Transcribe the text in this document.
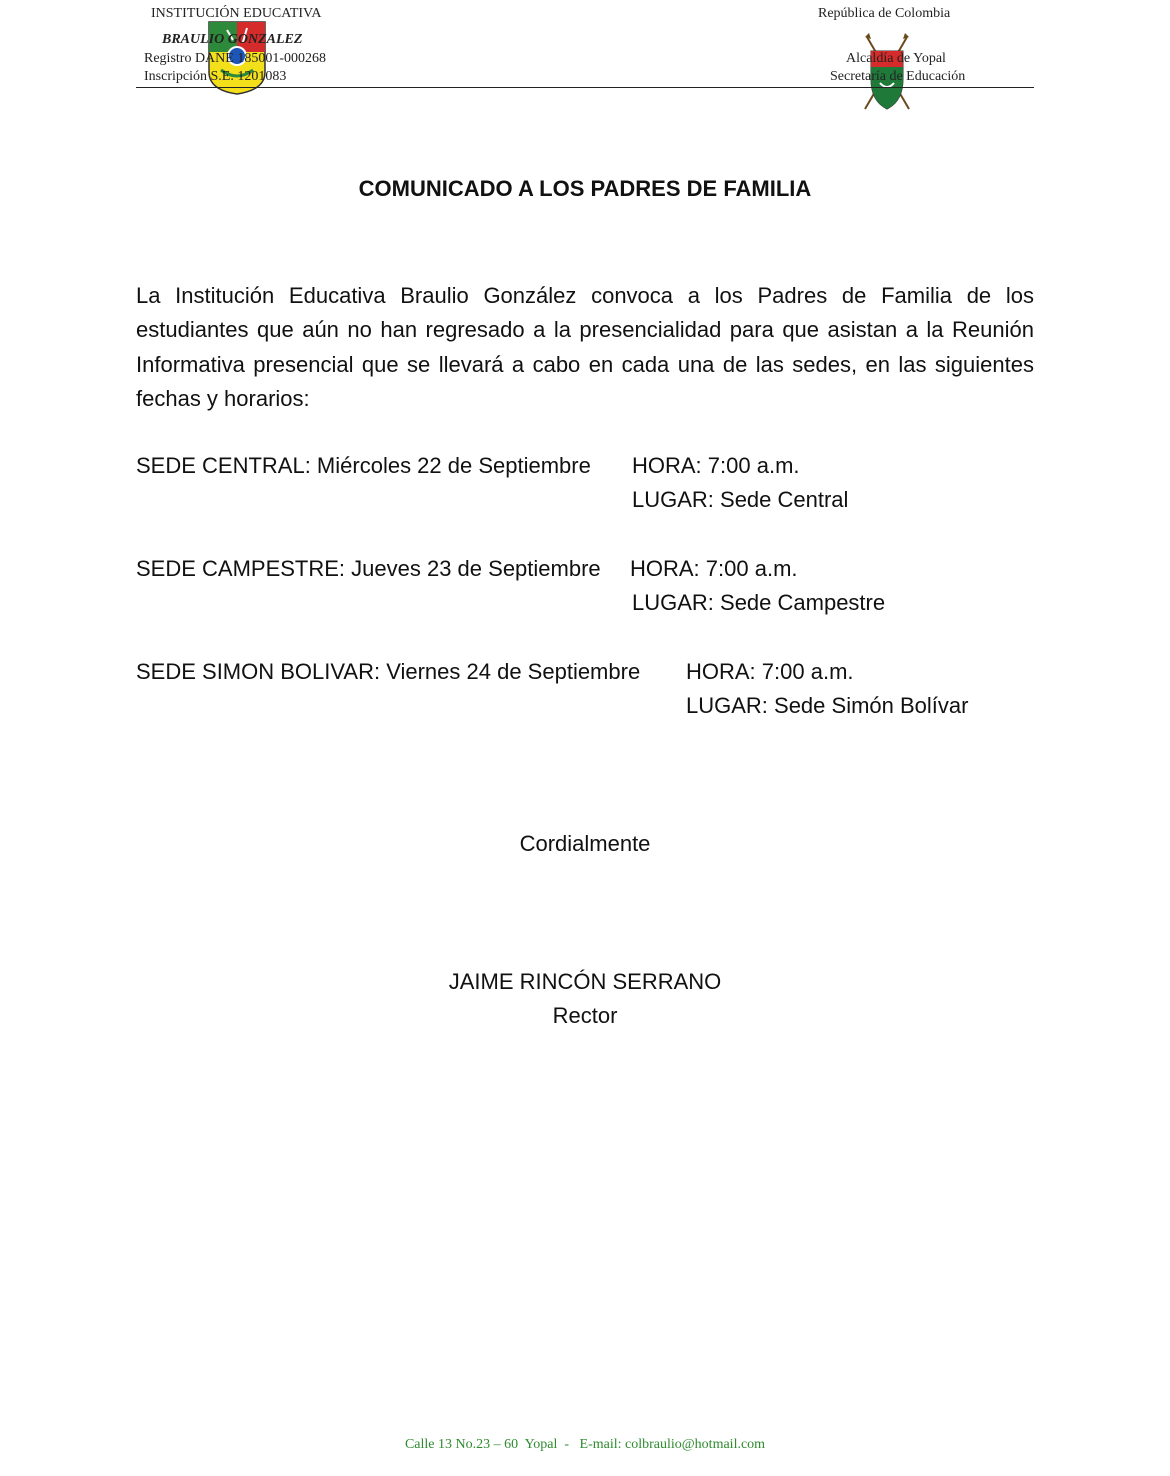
INSTITUCIÓN EDUCATIVA
BRAULIO GONZALEZ
Registro DANE 185001-000268
Inscripción S.E. 1201083
República de Colombia
Alcaldía de Yopal
Secretaría de Educación
COMUNICADO A LOS PADRES DE FAMILIA
La Institución Educativa Braulio González convoca a los Padres de Familia de los estudiantes que aún no han regresado a la presencialidad para que asistan a la Reunión Informativa presencial que se llevará a cabo en cada una de las sedes, en las siguientes fechas y horarios:
SEDE CENTRAL: Miércoles 22 de Septiembre HORA: 7:00 a.m.
LUGAR: Sede Central
SEDE CAMPESTRE: Jueves 23 de Septiembre HORA: 7:00 a.m.
LUGAR: Sede Campestre
SEDE SIMON BOLIVAR: Viernes 24 de Septiembre HORA: 7:00 a.m.
LUGAR: Sede Simón Bolívar
Cordialmente
JAIME RINCÓN SERRANO
Rector
Calle 13 No.23 – 60  Yopal  -   E-mail: colbraulio@hotmail.com
